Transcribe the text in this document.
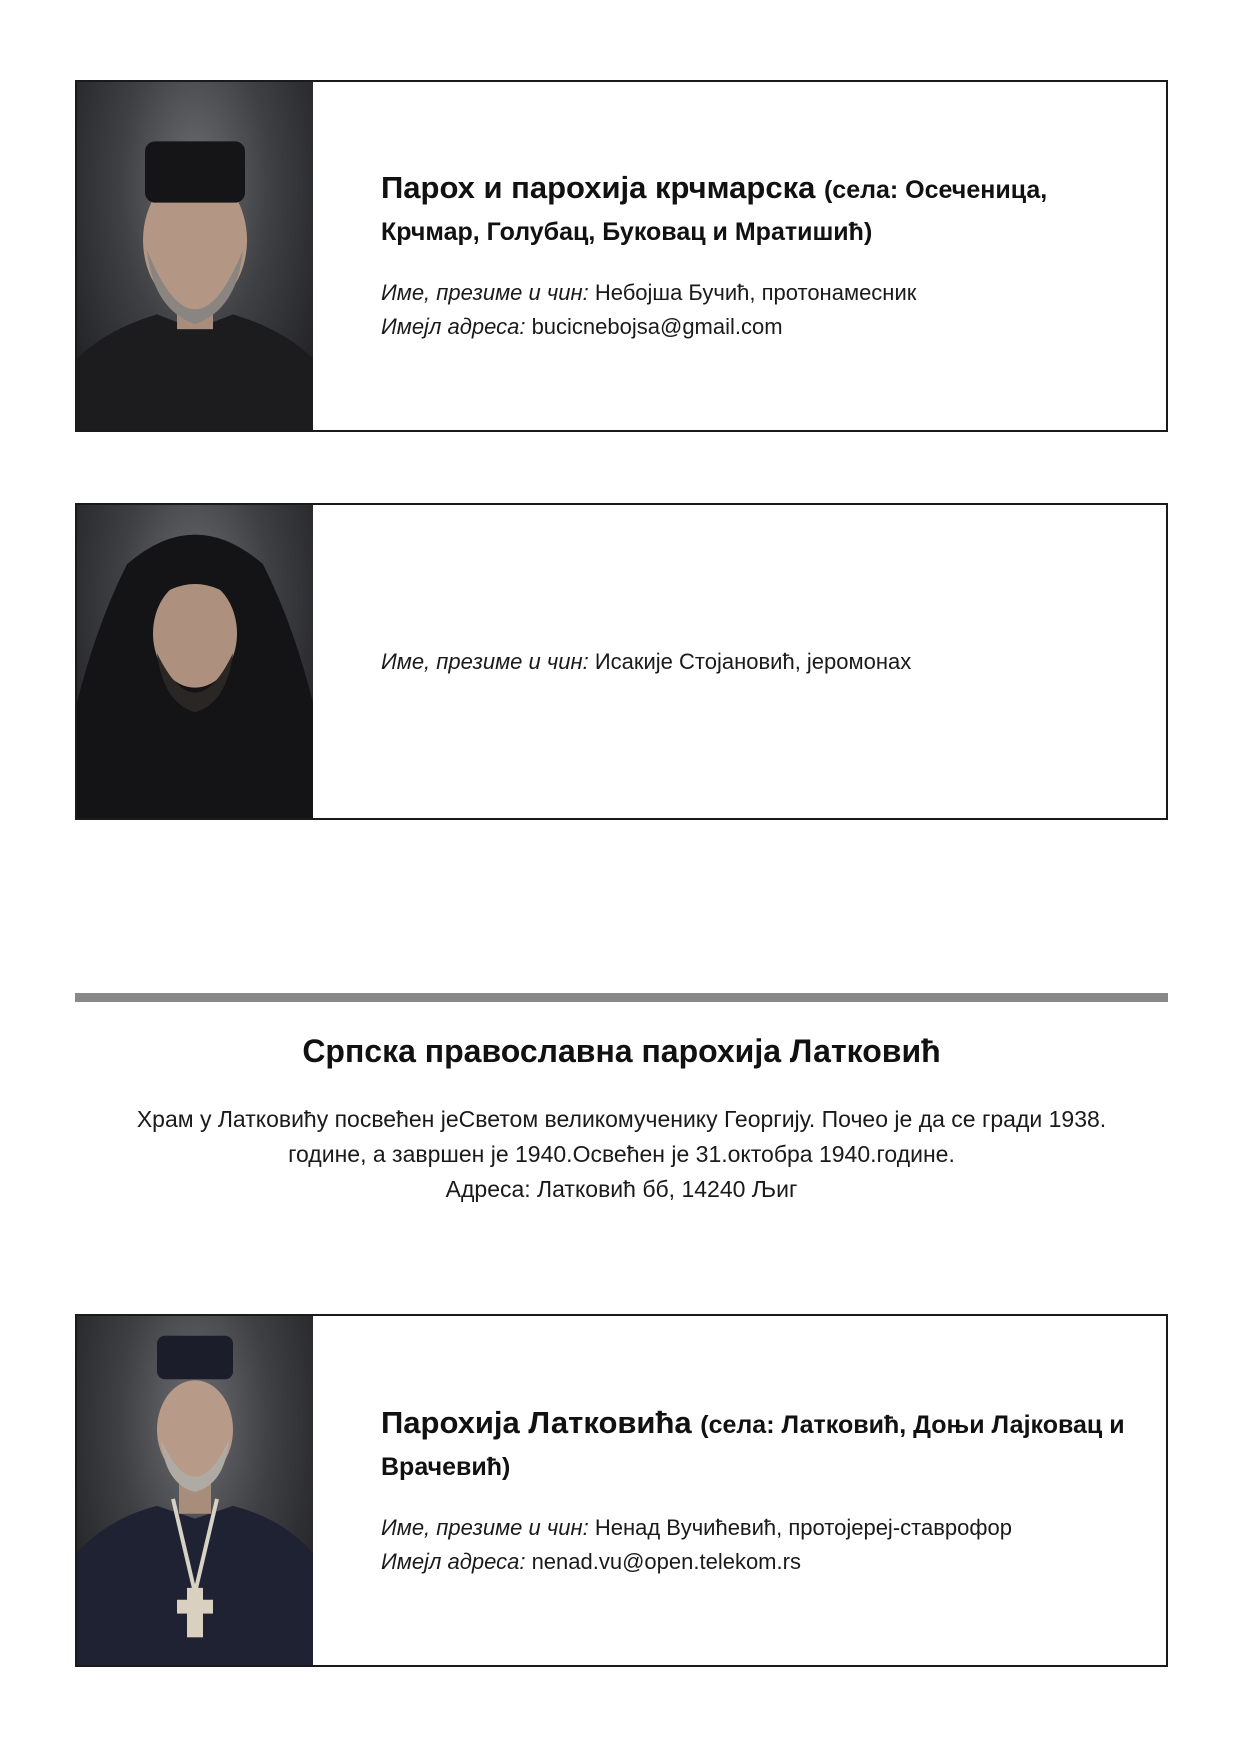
Парох и парохија крчмарска (села: Осеченица, Крчмар, Голубац, Буковац и Мратишић)
Име, презиме и чин: Небојша Бучић, протонамесник
Имејл адреса: bucicnebojsa@gmail.com
Име, презиме и чин: Исакије Стојановић, јеромонах
Српска православна парохија Латковић
Храм у Латковићу посвећен јеСветом великомученику Георгију. Почео је да се гради 1938.
године, а завршен је 1940.Освећен је 31.октобра 1940.године.
Адреса: Латковић бб, 14240 Љиг
Парохија Латковића (села: Латковић, Доњи Лајковац и Врачевић)
Име, презиме и чин: Ненад Вучићевић, протојереј-ставрофор
Имејл адреса: nenad.vu@open.telekom.rs
